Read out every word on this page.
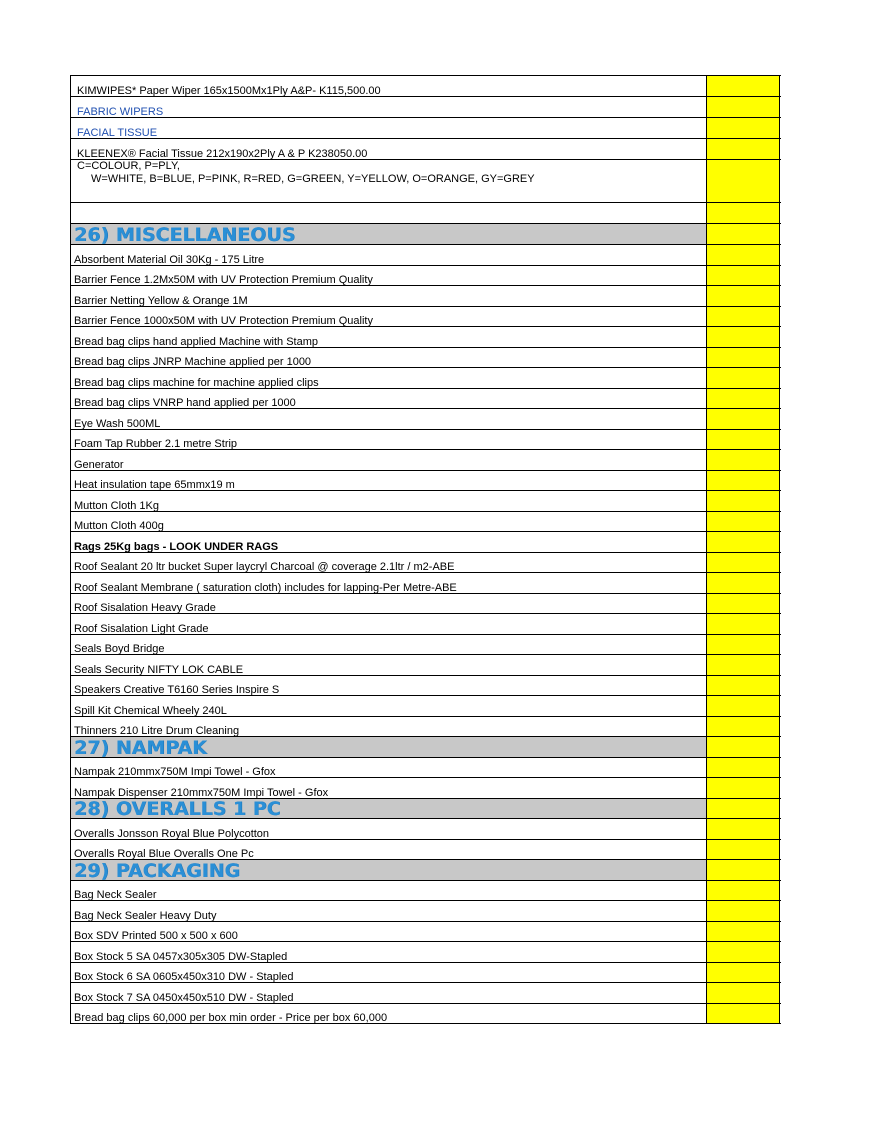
KIMWIPES* Paper Wiper 165x1500Mx1Ply A&P- K115,500.00
FABRIC WIPERS
FACIAL TISSUE
KLEENEX® Facial Tissue 212x190x2Ply A & P K238050.00
C=COLOUR, P=PLY,
W=WHITE, B=BLUE, P=PINK, R=RED, G=GREEN, Y=YELLOW, O=ORANGE, GY=GREY
26) MISCELLANEOUS
Absorbent Material Oil 30Kg - 175 Litre
Barrier Fence 1.2Mx50M with UV Protection Premium Quality
Barrier Netting Yellow & Orange 1M
Barrier Fence 1000x50M with UV Protection Premium Quality
Bread bag clips hand applied Machine with Stamp
Bread bag clips JNRP Machine applied per 1000
Bread bag clips machine for machine applied clips
Bread bag clips VNRP hand applied per 1000
Eye Wash 500ML
Foam Tap Rubber 2.1 metre Strip
Generator
Heat insulation tape 65mmx19 m
Mutton Cloth 1Kg
Mutton Cloth 400g
Rags 25Kg bags - LOOK UNDER RAGS
Roof Sealant 20 ltr bucket Super laycryl Charcoal @ coverage 2.1ltr / m2-ABE
Roof Sealant Membrane ( saturation cloth) includes for lapping-Per Metre-ABE
Roof Sisalation Heavy Grade
Roof Sisalation Light Grade
Seals Boyd Bridge
Seals Security NIFTY LOK CABLE
Speakers Creative T6160 Series Inspire S
Spill Kit Chemical Wheely 240L
Thinners 210 Litre Drum Cleaning
27) NAMPAK
Nampak 210mmx750M Impi Towel - Gfox
Nampak Dispenser 210mmx750M Impi Towel - Gfox
28) OVERALLS 1 PC
Overalls Jonsson Royal Blue Polycotton
Overalls Royal Blue Overalls One Pc
29) PACKAGING
Bag Neck Sealer
Bag Neck Sealer Heavy Duty
Box SDV Printed 500 x 500 x 600
Box Stock 5 SA 0457x305x305 DW-Stapled
Box Stock 6 SA 0605x450x310 DW - Stapled
Box Stock 7 SA 0450x450x510 DW - Stapled
Bread bag clips 60,000 per box min order - Price per box 60,000
